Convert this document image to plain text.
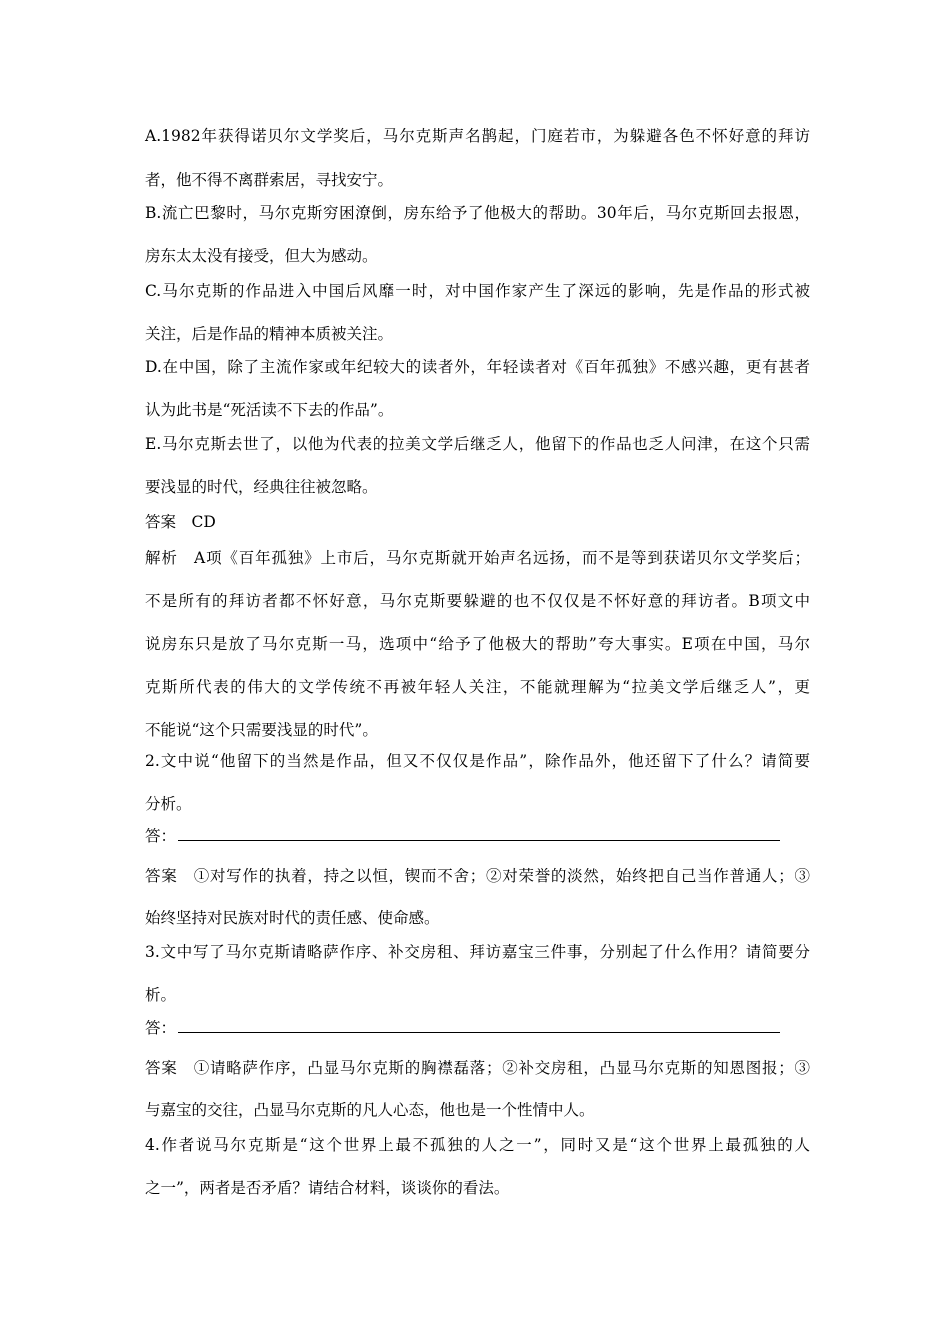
A.1982年获得诺贝尔文学奖后，马尔克斯声名鹊起，门庭若市，为躲避各色不怀好意的拜访
者，他不得不离群索居，寻找安宁。
B.流亡巴黎时，马尔克斯穷困潦倒，房东给予了他极大的帮助。30年后，马尔克斯回去报恩，
房东太太没有接受，但大为感动。
C.马尔克斯的作品进入中国后风靡一时，对中国作家产生了深远的影响，先是作品的形式被
关注，后是作品的精神本质被关注。
D.在中国，除了主流作家或年纪较大的读者外，年轻读者对《百年孤独》不感兴趣，更有甚者
认为此书是“死活读不下去的作品”。
E.马尔克斯去世了，以他为代表的拉美文学后继乏人，他留下的作品也乏人问津，在这个只需
要浅显的时代，经典往往被忽略。
答案　CD
解析　A项《百年孤独》上市后，马尔克斯就开始声名远扬，而不是等到获诺贝尔文学奖后；
不是所有的拜访者都不怀好意，马尔克斯要躲避的也不仅仅是不怀好意的拜访者。B项文中
说房东只是放了马尔克斯一马，选项中“给予了他极大的帮助”夸大事实。E项在中国，马尔
克斯所代表的伟大的文学传统不再被年轻人关注，不能就理解为“拉美文学后继乏人”，更
不能说“这个只需要浅显的时代”。
2.文中说“他留下的当然是作品，但又不仅仅是作品”，除作品外，他还留下了什么？请简要
分析。
答：
答案　①对写作的执着，持之以恒，锲而不舍；②对荣誉的淡然，始终把自己当作普通人；③
始终坚持对民族对时代的责任感、使命感。
3.文中写了马尔克斯请略萨作序、补交房租、拜访嘉宝三件事，分别起了什么作用？请简要分
析。
答：
答案　①请略萨作序，凸显马尔克斯的胸襟磊落；②补交房租，凸显马尔克斯的知恩图报；③
与嘉宝的交往，凸显马尔克斯的凡人心态，他也是一个性情中人。
4.作者说马尔克斯是“这个世界上最不孤独的人之一”，同时又是“这个世界上最孤独的人
之一”，两者是否矛盾？请结合材料，谈谈你的看法。
